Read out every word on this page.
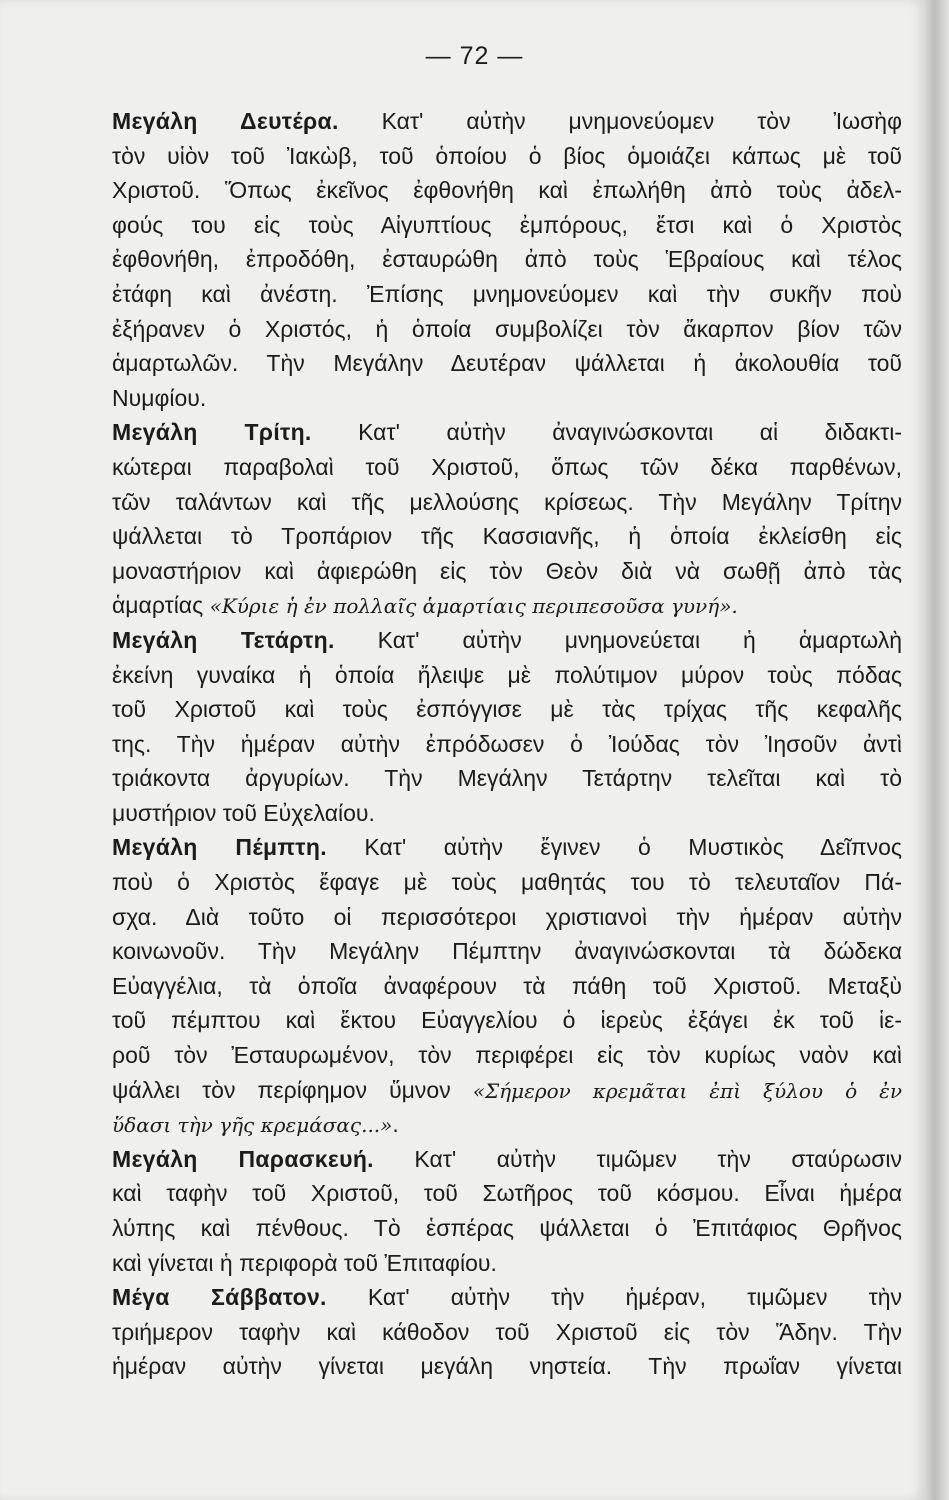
— 72 —
Μεγάλη Δευτέρα. Κατ' αὐτὴν μνημονεύομεν τὸν Ἰωσὴφ
τὸν υἱὸν τοῦ Ἰακὼβ, τοῦ ὁποίου ὁ βίος ὁμοιάζει κάπως μὲ τοῦ
Χριστοῦ. Ὅπως ἐκεῖνος ἐφθονήθη καὶ ἐπωλήθη ἀπὸ τοὺς ἀδελ-
φούς του εἰς τοὺς Αἰγυπτίους ἐμπόρους, ἔτσι καὶ ὁ Χριστὸς
ἐφθονήθη, ἐπροδόθη, ἐσταυρώθη ἀπὸ τοὺς Ἑβραίους καὶ τέλος
ἐτάφη καὶ ἀνέστη. Ἐπίσης μνημονεύομεν καὶ τὴν συκῆν ποὺ
ἐξήρανεν ὁ Χριστός, ἡ ὁποία συμβολίζει τὸν ἄκαρπον βίον τῶν
ἁμαρτωλῶν. Τὴν Μεγάλην Δευτέραν ψάλλεται ἡ ἀκολουθία τοῦ
Νυμφίου.
Μεγάλη Τρίτη. Κατ' αὐτὴν ἀναγινώσκονται αἱ διδακτι-
κώτεραι παραβολαὶ τοῦ Χριστοῦ, ὅπως τῶν δέκα παρθένων,
τῶν ταλάντων καὶ τῆς μελλούσης κρίσεως. Τὴν Μεγάλην Τρίτην
ψάλλεται τὸ Τροπάριον τῆς Κασσιανῆς, ἡ ὁποία ἐκλείσθη εἰς
μοναστήριον καὶ ἀφιερώθη εἰς τὸν Θεὸν διὰ νὰ σωθῇ ἀπὸ τὰς
ἁμαρτίας «Κύριε ἡ ἐν πολλαῖς ἁμαρτίαις περιπεσοῦσα γυνή».
Μεγάλη Τετάρτη. Κατ' αὐτὴν μνημονεύεται ἡ ἁμαρτωλὴ
ἐκείνη γυναίκα ἡ ὁποία ἤλειψε μὲ πολύτιμον μύρον τοὺς πόδας
τοῦ Χριστοῦ καὶ τοὺς ἐσπόγγισε μὲ τὰς τρίχας τῆς κεφαλῆς
της. Τὴν ἡμέραν αὐτὴν ἐπρόδωσεν ὁ Ἰούδας τὸν Ἰησοῦν ἀντὶ
τριάκοντα ἀργυρίων. Τὴν Μεγάλην Τετάρτην τελεῖται καὶ τὸ
μυστήριον τοῦ Εὐχελαίου.
Μεγάλη Πέμπτη. Κατ' αὐτὴν ἔγινεν ὁ Μυστικὸς Δεῖπνος
ποὺ ὁ Χριστὸς ἔφαγε μὲ τοὺς μαθητάς του τὸ τελευταῖον Πά-
σχα. Διὰ τοῦτο οἱ περισσότεροι χριστιανοὶ τὴν ἡμέραν αὐτὴν
κοινωνοῦν. Τὴν Μεγάλην Πέμπτην ἀναγινώσκονται τὰ δώδεκα
Εὐαγγέλια, τὰ ὁποῖα ἀναφέρουν τὰ πάθη τοῦ Χριστοῦ. Μεταξὺ
τοῦ πέμπτου καὶ ἕκτου Εὐαγγελίου ὁ ἱερεὺς ἐξάγει ἐκ τοῦ ἱε-
ροῦ τὸν Ἐσταυρωμένον, τὸν περιφέρει εἰς τὸν κυρίως ναὸν καὶ
ψάλλει τὸν περίφημον ὕμνον «Σήμερον κρεμᾶται ἐπὶ ξύλου ὁ ἐν
ὕδασι τὴν γῆς κρεμάσας...».
Μεγάλη Παρασκευή. Κατ' αὐτὴν τιμῶμεν τὴν σταύρωσιν
καὶ ταφὴν τοῦ Χριστοῦ, τοῦ Σωτῆρος τοῦ κόσμου. Εἶναι ἡμέρα
λύπης καὶ πένθους. Τὸ ἑσπέρας ψάλλεται ὁ Ἐπιτάφιος Θρῆνος
καὶ γίνεται ἡ περιφορὰ τοῦ Ἐπιταφίου.
Μέγα Σάββατον. Κατ' αὐτὴν τὴν ἡμέραν, τιμῶμεν τὴν
τριήμερον ταφὴν καὶ κάθοδον τοῦ Χριστοῦ εἰς τὸν Ἅδην. Τὴν
ἡμέραν αὐτὴν γίνεται μεγάλη νηστεία. Τὴν πρωΐαν γίνεται
